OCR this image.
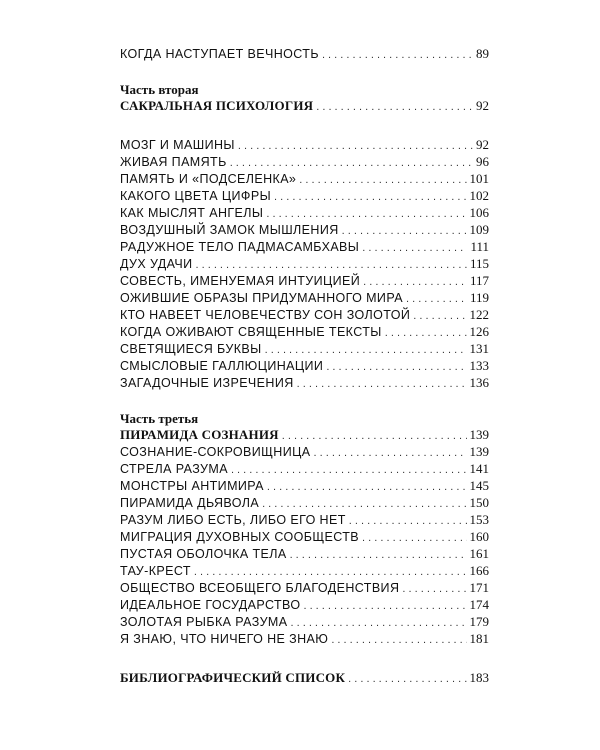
КОГДА НАСТУПАЕТ ВЕЧНОСТЬ . . .	89
Часть вторая
САКРАЛЬНАЯ ПСИХОЛОГИЯ . . .	92
МОЗГ И МАШИНЫ . . .	92
ЖИВАЯ ПАМЯТЬ . . .	96
ПАМЯТЬ И «ПОДСЕЛЕНКА» . . .	101
КАКОГО ЦВЕТА ЦИФРЫ . . .	102
КАК МЫСЛЯТ АНГЕЛЫ . . .	106
ВОЗДУШНЫЙ ЗАМОК МЫШЛЕНИЯ . . .	109
РАДУЖНОЕ ТЕЛО ПАДМАСАМБХАВЫ . . .	111
ДУХ УДАЧИ . . .	115
СОВЕСТЬ, ИМЕНУЕМАЯ ИНТУИЦИЕЙ . . .	117
ОЖИВШИЕ ОБРАЗЫ ПРИДУМАННОГО МИРА . . .	119
КТО НАВЕЕТ ЧЕЛОВЕЧЕСТВУ СОН ЗОЛОТОЙ . . .	122
КОГДА ОЖИВАЮТ СВЯЩЕННЫЕ ТЕКСТЫ . . .	126
СВЕТЯЩИЕСЯ БУКВЫ . . .	131
СМЫСЛОВЫЕ ГАЛЛЮЦИНАЦИИ . . .	133
ЗАГАДОЧНЫЕ ИЗРЕЧЕНИЯ . . .	136
Часть третья
ПИРАМИДА СОЗНАНИЯ . . .	139
СОЗНАНИЕ-СОКРОВИЩНИЦА . . .	139
СТРЕЛА РАЗУМА . . .	141
МОНСТРЫ АНТИМИРА . . .	145
ПИРАМИДА ДЬЯВОЛА . . .	150
РАЗУМ ЛИБО ЕСТЬ, ЛИБО ЕГО НЕТ . . .	153
МИГРАЦИЯ ДУХОВНЫХ СООБЩЕСТВ . . .	160
ПУСТАЯ ОБОЛОЧКА ТЕЛА . . .	161
ТАУ-КРЕСТ . . .	166
ОБЩЕСТВО ВСЕОБЩЕГО БЛАГОДЕНСТВИЯ . . .	171
ИДЕАЛЬНОЕ ГОСУДАРСТВО . . .	174
ЗОЛОТАЯ РЫБКА РАЗУМА . . .	179
Я ЗНАЮ, ЧТО НИЧЕГО НЕ ЗНАЮ . . .	181
БИБЛИОГРАФИЧЕСКИЙ СПИСОК . . .	183
